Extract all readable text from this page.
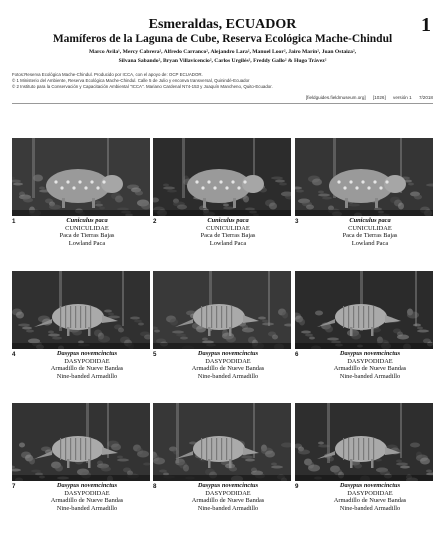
1
Esmeraldas, ECUADOR
Mamíferos de la Laguna de Cube, Reserva Ecológica Mache-Chindul
Marco Avila¹, Mercy Cabrera², Alfredo Carranco², Alejandro Lara², Manuel Loor², Jairo Marín², Juan Ostaiza²,
Silvana Sabando², Bryan Villavicencio², Carlos Urgilés², Freddy Gallo² & Hugo Tràvez²
Fotos:Reserva Ecológica Mache-Chindul. Producido por ICCA, con el apoyo de: OCP ECUADOR.
© 1 Ministerio del Ambiente, Reserva Ecológica Mache-Chindul. Calle 5 de Julio y enconva transversal, Quinindé-Ecuador
© 2 Instituto para la Conservación y Capacitación Ambiental "ICCA". Mariano Cardenal N74-153 y Joaquín Mancheno, Quito-Ecuador.
[fieldguides.fieldmuseum.org] [1026] versión 1 7/2018
1	Cuniculus paca
CUNICULIDAE
Paca de Tierras Bajas
Lowland Paca
2	Cuniculus paca
CUNICULIDAE
Paca de Tierras Bajas
Lowland Paca
3	Cuniculus paca
CUNICULIDAE
Paca de Tierras Bajas
Lowland Paca
4	Dasypus novemcinctus
DASYPODIDAE
Armadillo de Nueve Bandas
Nine-banded Armadillo
5	Dasypus novemcinctus
DASYPODIDAE
Armadillo de Nueve Bandas
Nine-banded Armadillo
6	Dasypus novemcinctus
DASYPODIDAE
Armadillo de Nueve Bandas
Nine-banded Armadillo
7	Dasypus novemcinctus
DASYPODIDAE
Armadillo de Nueve Bandas
Nine-banded Armadillo
8	Dasypus novemcinctus
DASYPODIDAE
Armadillo de Nueve Bandas
Nine-banded Armadillo
9	Dasypus novemcinctus
DASYPODIDAE
Armadillo de Nueve Bandas
Nine-banded Armadillo
